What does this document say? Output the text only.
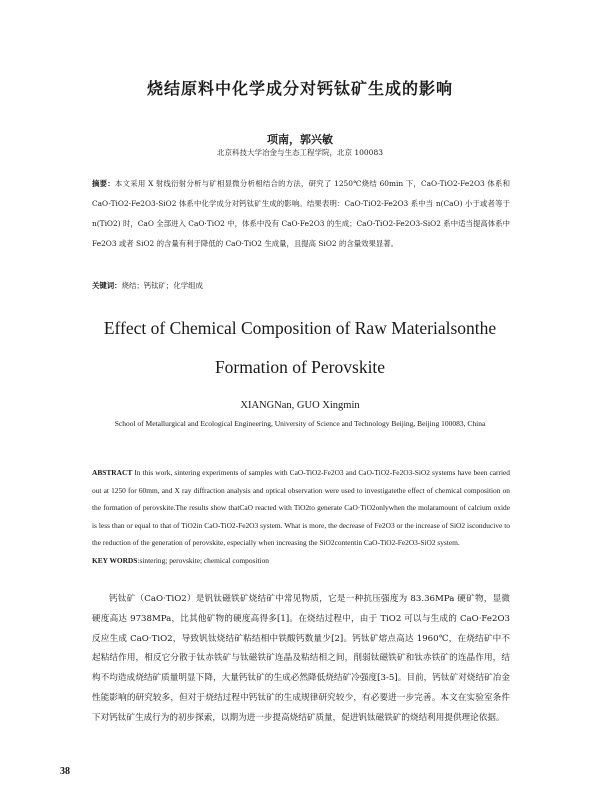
烧结原料中化学成分对钙钛矿生成的影响
项南，郭兴敏
北京科技大学冶金与生态工程学院，北京 100083
摘要：本文采用 X 射线衍射分析与矿相显微分析相结合的方法，研究了 1250℃烧结 60min 下，CaO-TiO2-Fe2O3 体系和 CaO-TiO2-Fe2O3-SiO2 体系中化学成分对钙钛矿生成的影响。结果表明：CaO-TiO2-Fe2O3 系中当 n(CaO) 小于或者等于 n(TiO2) 时，CaO 全部进入 CaO·TiO2 中，体系中没有 CaO·Fe2O3 的生成；CaO-TiO2-Fe2O3-SiO2 系中适当提高体系中 Fe2O3 或者 SiO2 的含量有利于降低的 CaO·TiO2 生成量，且提高 SiO2 的含量效果显著。
关键词：烧结；钙钛矿；化学组成
Effect of Chemical Composition of Raw Materialsonthe
Formation of Perovskite
XIANGNan, GUO Xingmin
School of Metallurgical and Ecological Engineering, University of Science and Technology Beijing, Beijing 100083, China
ABSTRACT In this work, sintering experiments of samples with CaO-TiO2-Fe2O3 and CaO-TiO2-Fe2O3-SiO2 systems have been carried out at 1250 for 60mm, and X ray diffraction analysis and optical observation were used to investigatethe effect of chemical composition on the formation of perovskite.The results show thatCaO reacted with TiO2to generate CaO·TiO2onlywhen the molaramount of calcium oxide is less than or equal to that of TiO2in CaO-TiO2-Fe2O3 system. What is more, the decrease of Fe2O3 or the increase of SiO2 isconducive to the reduction of the generation of perovskite, especially when increasing the SiO2contentin CaO-TiO2-Fe2O3-SiO2 system.
KEY WORDS:sintering; perovskite; chemical composition
钙钛矿（CaO·TiO2）是钒钛磁铁矿烧结矿中常见物质，它是一种抗压强度为 83.36MPa 硬矿物，显微硬度高达 9738MPa，比其他矿物的硬度高得多[1]。在烧结过程中，由于 TiO2 可以与生成的 CaO·Fe2O3 反应生成 CaO·TiO2，导致钒钛烧结矿粘结相中铁酸钙数量少[2]。钙钛矿熔点高达 1960℃，在烧结矿中不起粘结作用，相反它分散于钛赤铁矿与钛磁铁矿连晶及粘结相之间，削弱钛磁铁矿和钛赤铁矿的连晶作用，结构不均造成烧结矿质量明显下降，大量钙钛矿的生成必然降低烧结矿冷强度[3-5]。目前，钙钛矿对烧结矿冶金性能影响的研究较多，但对于烧结过程中钙钛矿的生成规律研究较少，有必要进一步完善。本文在实验室条件下对钙钛矿生成行为的初步探索，以期为进一步提高烧结矿质量，促进钒钛磁铁矿的烧结利用提供理论依据。
38
